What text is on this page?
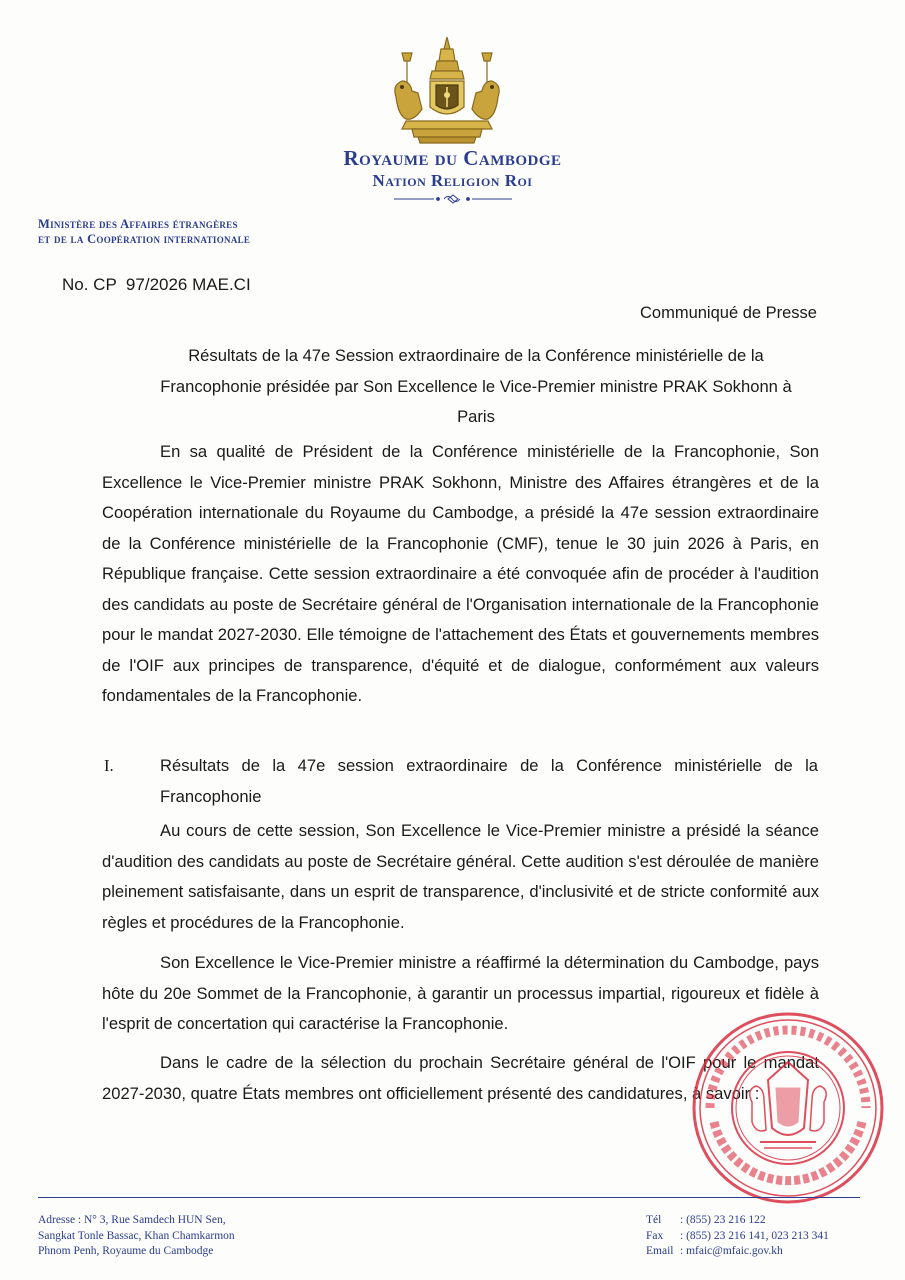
Royaume du Cambodge
Nation Religion Roi
Ministère des Affaires étrangères
et de la Coopération internationale
No. CP  97/2026 MAE.CI
Communiqué de Presse
Résultats de la 47e Session extraordinaire de la Conférence ministérielle de la Francophonie présidée par Son Excellence le Vice-Premier ministre PRAK Sokhonn à Paris
En sa qualité de Président de la Conférence ministérielle de la Francophonie, Son Excellence le Vice-Premier ministre PRAK Sokhonn, Ministre des Affaires étrangères et de la Coopération internationale du Royaume du Cambodge, a présidé la 47e session extraordinaire de la Conférence ministérielle de la Francophonie (CMF), tenue le 30 juin 2026 à Paris, en République française. Cette session extraordinaire a été convoquée afin de procéder à l'audition des candidats au poste de Secrétaire général de l'Organisation internationale de la Francophonie pour le mandat 2027-2030. Elle témoigne de l'attachement des États et gouvernements membres de l'OIF aux principes de transparence, d'équité et de dialogue, conformément aux valeurs fondamentales de la Francophonie.
I.	Résultats de la 47e session extraordinaire de la Conférence ministérielle de la Francophonie
Au cours de cette session, Son Excellence le Vice-Premier ministre a présidé la séance d'audition des candidats au poste de Secrétaire général. Cette audition s'est déroulée de manière pleinement satisfaisante, dans un esprit de transparence, d'inclusivité et de stricte conformité aux règles et procédures de la Francophonie.
Son Excellence le Vice-Premier ministre a réaffirmé la détermination du Cambodge, pays hôte du 20e Sommet de la Francophonie, à garantir un processus impartial, rigoureux et fidèle à l'esprit de concertation qui caractérise la Francophonie.
Dans le cadre de la sélection du prochain Secrétaire général de l'OIF pour le mandat 2027-2030, quatre États membres ont officiellement présenté des candidatures, à savoir :
Adresse : N° 3, Rue Samdech HUN Sen,
Sangkat Tonle Bassac, Khan Chamkarmon
Phnom Penh, Royaume du Cambodge
Tél	: (855) 23 216 122
Fax	: (855) 23 216 141, 023 213 341
Email : mfaic@mfaic.gov.kh
